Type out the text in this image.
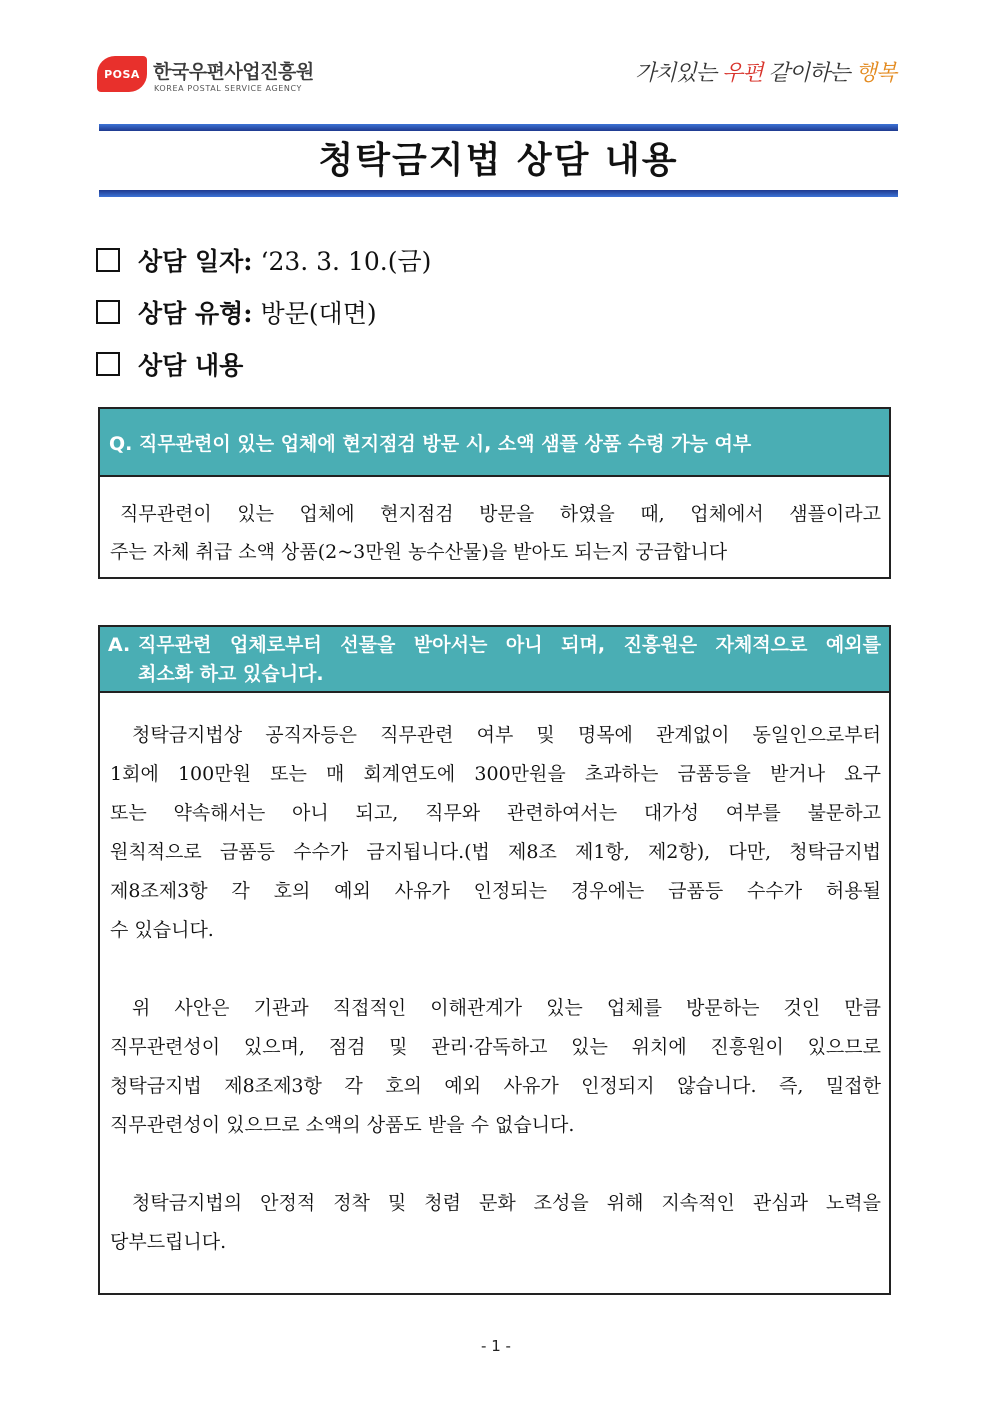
POSA 한국우편사업진흥원
KOREA POSTAL SERVICE AGENCY
가치있는 우편 같이하는 행복
청탁금지법 상담 내용
상담 일자:
‘23. 3. 10.(금)
상담 유형:
방문(대면)
상담 내용
Q. 직무관련이 있는 업체에 현지점검 방문 시, 소액 샘플 상품 수령 가능 여부
직무관련이 있는 업체에 현지점검 방문을 하였을 때, 업체에서 샘플이라고
주는 자체 취급 소액 상품(2~3만원 농수산물)을 받아도 되는지 궁금합니다
A. 직무관련 업체로부터 선물을 받아서는 아니 되며, 진흥원은 자체적으로 예외를
최소화 하고 있습니다.
청탁금지법상 공직자등은 직무관련 여부 및 명목에 관계없이 동일인으로부터
1회에 100만원 또는 매 회계연도에 300만원을 초과하는 금품등을 받거나 요구
또는 약속해서는 아니 되고, 직무와 관련하여서는 대가성 여부를 불문하고
원칙적으로 금품등 수수가 금지됩니다.(법 제8조 제1항, 제2항), 다만, 청탁금지법
제8조제3항 각 호의 예외 사유가 인정되는 경우에는 금품등 수수가 허용될
수 있습니다.
위 사안은 기관과 직접적인 이해관계가 있는 업체를 방문하는 것인 만큼
직무관련성이 있으며, 점검 및 관리·감독하고 있는 위치에 진흥원이 있으므로
청탁금지법 제8조제3항 각 호의 예외 사유가 인정되지 않습니다. 즉, 밀접한
직무관련성이 있으므로 소액의 상품도 받을 수 없습니다.
청탁금지법의 안정적 정착 및 청렴 문화 조성을 위해 지속적인 관심과 노력을
당부드립니다.
- 1 -
